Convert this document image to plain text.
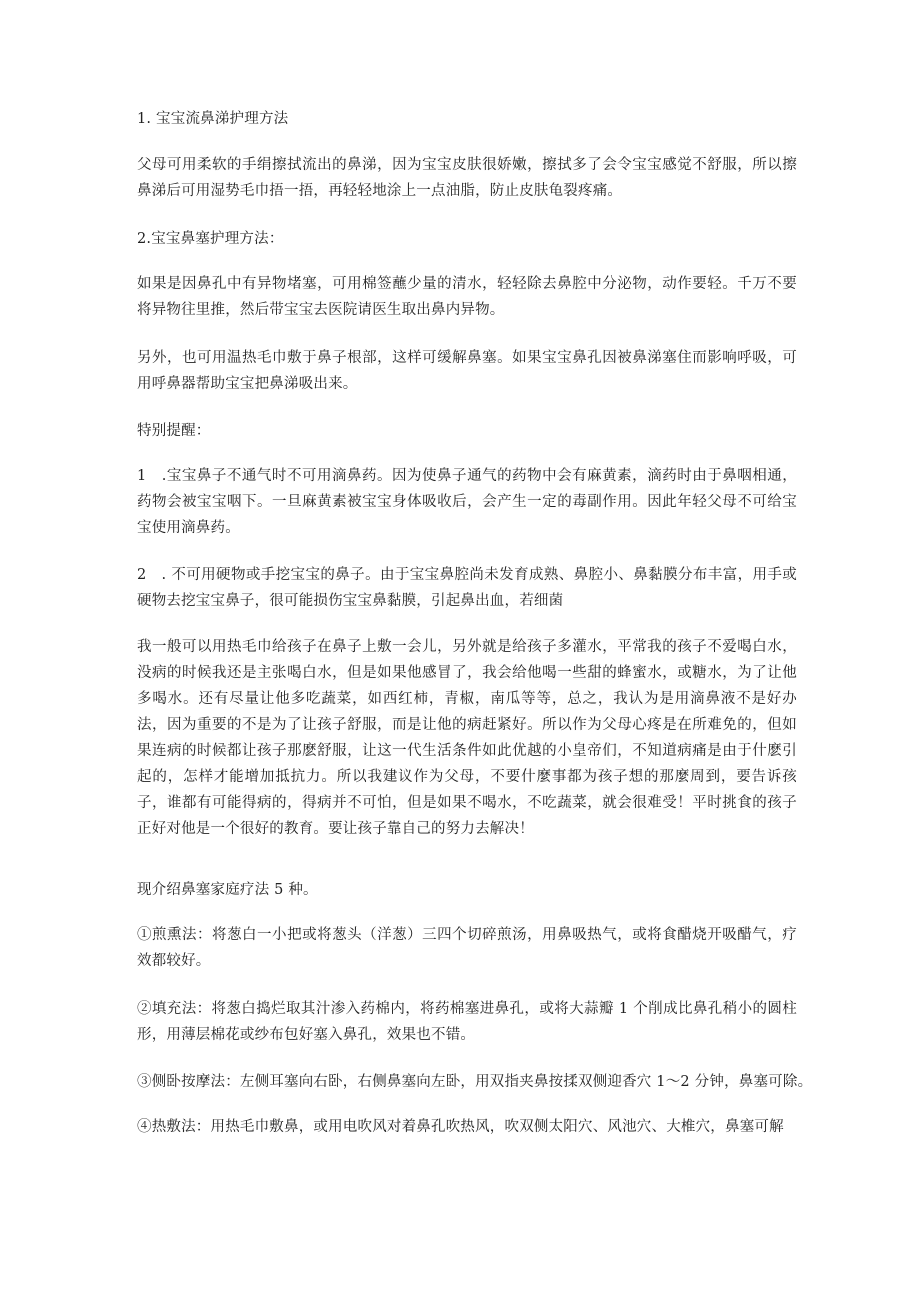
1. 宝宝流鼻涕护理方法

父母可用柔软的手绢擦拭流出的鼻涕，因为宝宝皮肤很娇嫩，擦拭多了会令宝宝感觉不舒服，所以擦鼻涕后可用湿势毛巾捂一捂，再轻轻地涂上一点油脂，防止皮肤龟裂疼痛。

2.宝宝鼻塞护理方法：

如果是因鼻孔中有异物堵塞，可用棉签蘸少量的清水，轻轻除去鼻腔中分泌物，动作要轻。千万不要将异物往里推，然后带宝宝去医院请医生取出鼻内异物。

另外，也可用温热毛巾敷于鼻子根部，这样可缓解鼻塞。如果宝宝鼻孔因被鼻涕塞住而影响呼吸，可用呼鼻器帮助宝宝把鼻涕吸出来。

特别提醒：

1　.宝宝鼻子不通气时不可用滴鼻药。因为使鼻子通气的药物中会有麻黄素，滴药时由于鼻咽相通，药物会被宝宝咽下。一旦麻黄素被宝宝身体吸收后，会产生一定的毒副作用。因此年轻父母不可给宝宝使用滴鼻药。

2　. 不可用硬物或手挖宝宝的鼻子。由于宝宝鼻腔尚未发育成熟、鼻腔小、鼻黏膜分布丰富，用手或硬物去挖宝宝鼻子，很可能损伤宝宝鼻黏膜，引起鼻出血，若细菌

我一般可以用热毛巾给孩子在鼻子上敷一会儿，另外就是给孩子多灌水，平常我的孩子不爱喝白水，没病的时候我还是主张喝白水，但是如果他感冒了，我会给他喝一些甜的蜂蜜水，或糖水，为了让他多喝水。还有尽量让他多吃蔬菜，如西红柿，青椒，南瓜等等，总之，我认为是用滴鼻液不是好办法，因为重要的不是为了让孩子舒服，而是让他的病赶紧好。所以作为父母心疼是在所难免的，但如果连病的时候都让孩子那麽舒服，让这一代生活条件如此优越的小皇帝们，不知道病痛是由于什麽引起的，怎样才能增加抵抗力。所以我建议作为父母，不要什麼事都为孩子想的那麼周到，要告诉孩子，谁都有可能得病的，得病并不可怕，但是如果不喝水，不吃蔬菜，就会很难受！平时挑食的孩子正好对他是一个很好的教育。要让孩子靠自己的努力去解决！

现介绍鼻塞家庭疗法 5 种。

①煎熏法：将葱白一小把或将葱头（洋葱）三四个切碎煎汤，用鼻吸热气，或将食醋烧开吸醋气，疗效都较好。

②填充法：将葱白捣烂取其汁渗入药棉内，将药棉塞进鼻孔，或将大蒜瓣 1 个削成比鼻孔稍小的圆柱形，用薄层棉花或纱布包好塞入鼻孔，效果也不错。

③侧卧按摩法：左侧耳塞向右卧，右侧鼻塞向左卧，用双指夹鼻按揉双侧迎香穴 1～2 分钟，鼻塞可除。

④热敷法：用热毛巾敷鼻，或用电吹风对着鼻孔吹热风，吹双侧太阳穴、风池穴、大椎穴，鼻塞可解
